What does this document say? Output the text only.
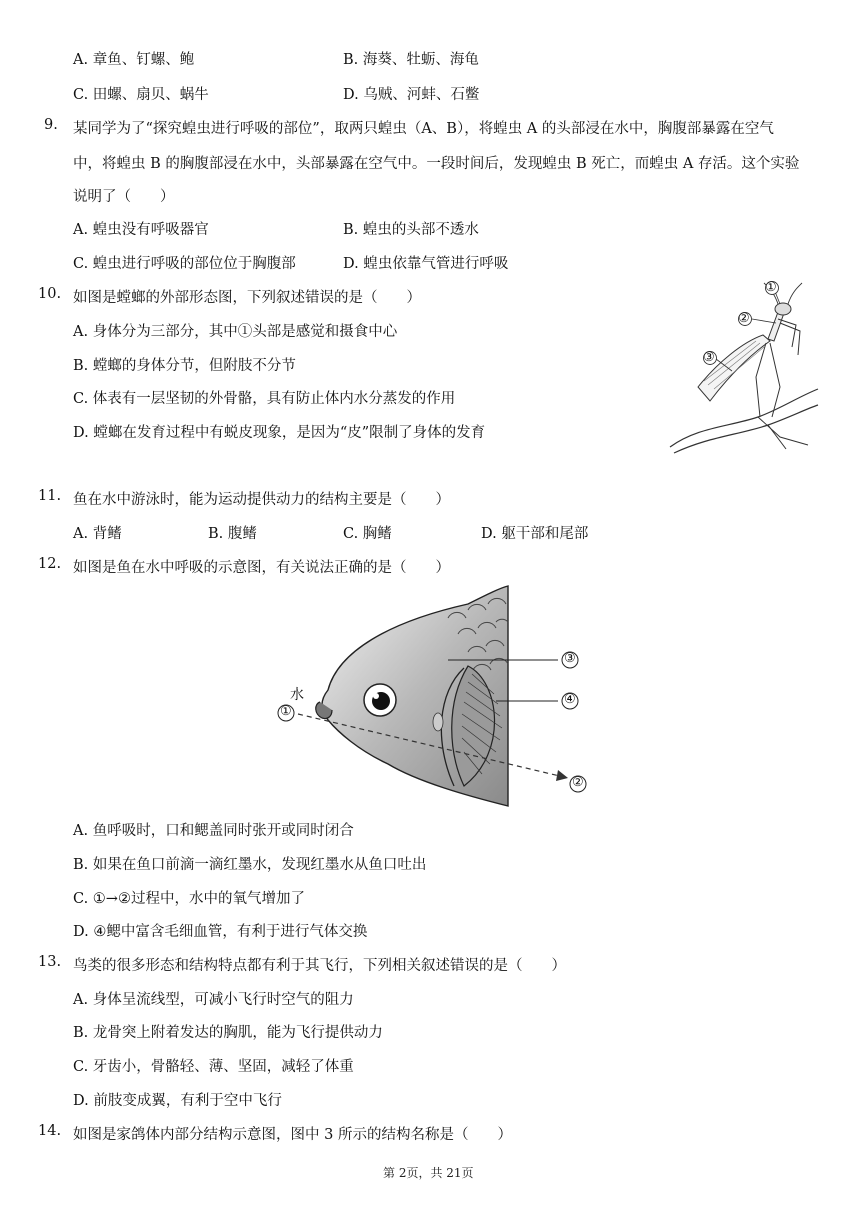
A. 章鱼、钉螺、鲍	B. 海葵、牡蛎、海龟
C. 田螺、扇贝、蜗牛	D. 乌贼、河蚌、石鳖
9. 某同学为了“探究蝗虫进行呼吸的部位”，取两只蝗虫（A、B），将蝗虫 A 的头部浸在水中，胸腹部暴露在空气
中，将蝗虫 B 的胸腹部浸在水中，头部暴露在空气中。一段时间后，发现蝗虫 B 死亡，而蝗虫 A 存活。这个实验
说明了（　　）
A. 蝗虫没有呼吸器官	B. 蝗虫的头部不透水
C. 蝗虫进行呼吸的部位位于胸腹部	D. 蝗虫依靠气管进行呼吸
10. 如图是螳螂的外部形态图，下列叙述错误的是（　　）
A. 身体分为三部分，其中①头部是感觉和摄食中心
B. 螳螂的身体分节，但附肢不分节
C. 体表有一层坚韧的外骨骼，具有防止体内水分蒸发的作用
D. 螳螂在发育过程中有蜕皮现象，是因为“皮”限制了身体的发育
①
②
③
11. 鱼在水中游泳时，能为运动提供动力的结构主要是（　　）
A. 背鳍	B. 腹鳍	C. 胸鳍	D. 躯干部和尾部
12. 如图是鱼在水中呼吸的示意图，有关说法正确的是（　　）
水
①
②
③
④
A. 鱼呼吸时，口和鳃盖同时张开或同时闭合
B. 如果在鱼口前滴一滴红墨水，发现红墨水从鱼口吐出
C. ①→②过程中，水中的氧气增加了
D. ④鳃中富含毛细血管，有利于进行气体交换
13. 鸟类的很多形态和结构特点都有利于其飞行，下列相关叙述错误的是（　　）
A. 身体呈流线型，可减小飞行时空气的阻力
B. 龙骨突上附着发达的胸肌，能为飞行提供动力
C. 牙齿小，骨骼轻、薄、坚固，减轻了体重
D. 前肢变成翼，有利于空中飞行
14. 如图是家鸽体内部分结构示意图，图中 3 所示的结构名称是（　　）
第 2页，共 21页
